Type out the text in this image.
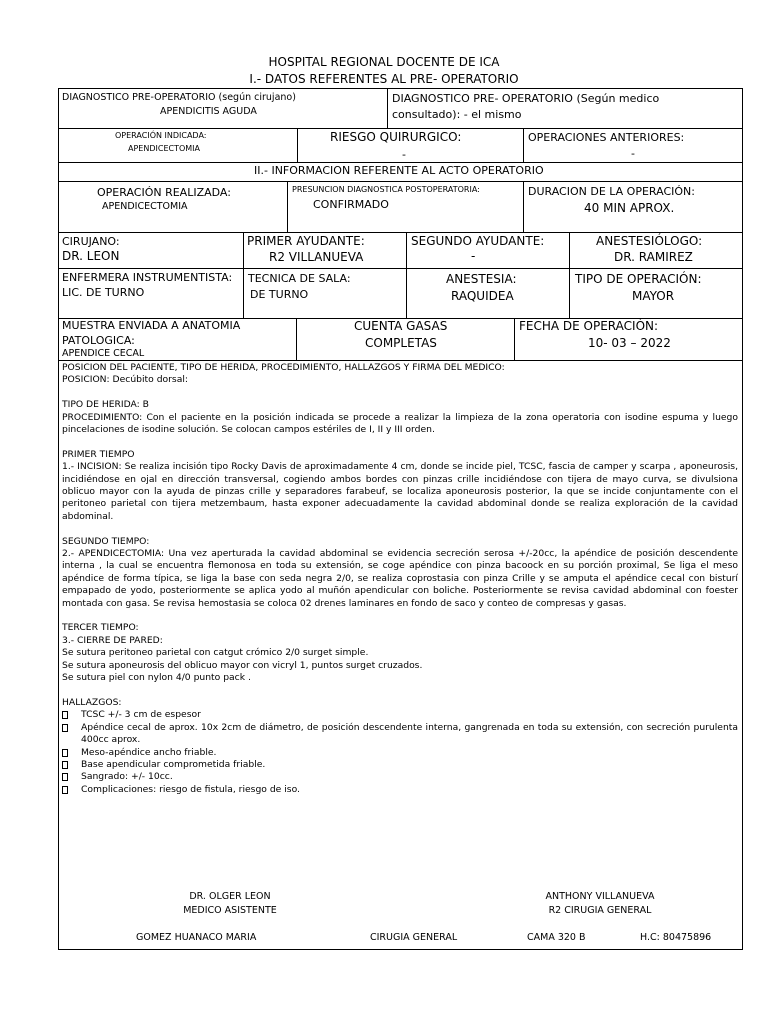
HOSPITAL REGIONAL DOCENTE DE ICA
I.- DATOS REFERENTES AL PRE- OPERATORIO
DIAGNOSTICO PRE-OPERATORIO (según cirujano)
APENDICITIS AGUDA
DIAGNOSTICO PRE- OPERATORIO (Según medico
consultado): - el mismo
OPERACIÓN INDICADA:
APENDICECTOMIA
RIESGO QUIRURGICO:
-
OPERACIONES ANTERIORES:
-
II.- INFORMACION REFERENTE AL ACTO OPERATORIO
OPERACIÓN REALIZADA:
APENDICECTOMIA
PRESUNCION DIAGNOSTICA POSTOPERATORIA:
CONFIRMADO
DURACION DE LA OPERACIÓN:
40 MIN APROX.
CIRUJANO:
DR. LEON
PRIMER AYUDANTE:
R2 VILLANUEVA
SEGUNDO AYUDANTE:
-
ANESTESIÓLOGO:
DR. RAMIREZ
ENFERMERA INSTRUMENTISTA:
LIC. DE TURNO
TECNICA DE SALA:
DE TURNO
ANESTESIA:
RAQUIDEA
TIPO DE OPERACIÓN:
MAYOR
MUESTRA ENVIADA A ANATOMIA
PATOLOGICA:
APENDICE CECAL
CUENTA GASAS
COMPLETAS
FECHA DE OPERACIÓN:
10- 03 – 2022

POSICION DEL PACIENTE, TIPO DE HERIDA, PROCEDIMIENTO, HALLAZGOS Y FIRMA DEL MEDICO:

POSICION: Decúbito dorsal:

TIPO DE HERIDA: B

PROCEDIMIENTO: Con el paciente en la posición indicada se procede a realizar la limpieza de la zona operatoria con isodine espuma y luego pincelaciones de isodine solución. Se colocan campos estériles de I, II y III orden.

PRIMER TIEMPO

1.- INCISION: Se realiza incisión tipo Rocky Davis de aproximadamente 4 cm, donde se incide piel, TCSC, fascia de camper y scarpa , aponeurosis, incidiéndose en ojal en dirección transversal, cogiendo ambos bordes con pinzas crille incidiéndose con tijera de mayo curva, se divulsiona oblicuo mayor con la ayuda de pinzas crille y separadores farabeuf, se localiza aponeurosis posterior, la que se incide conjuntamente con el peritoneo parietal con tijera metzembaum, hasta exponer adecuadamente la cavidad abdominal donde se realiza exploración de la cavidad abdominal.

SEGUNDO TIEMPO:

2.- APENDICECTOMIA: Una vez aperturada la cavidad abdominal se evidencia secreción serosa +/-20cc, la apéndice de posición descendente interna , la cual se encuentra flemonosa en toda su extensión, se coge apéndice con pinza bacoock en su porción proximal, Se liga el meso apéndice de forma típica, se liga la base con seda negra 2/0, se realiza coprostasia con pinza Crille y se amputa el apéndice cecal con bisturí empapado de yodo, posteriormente se aplica yodo al muñón apendicular con boliche. Posteriormente se revisa cavidad abdominal con foester montada con gasa. Se revisa hemostasia se coloca 02 drenes laminares en fondo de saco y conteo de compresas y gasas.

TERCER TIEMPO:

3.- CIERRE DE PARED:

Se sutura peritoneo parietal con catgut crómico 2/0 surget simple.

Se sutura aponeurosis del oblicuo mayor con vicryl 1, puntos surget cruzados.

Se sutura piel con nylon 4/0 punto pack .

HALLAZGOS:

TCSC +/- 3 cm de espesor
Apéndice cecal de aprox. 10x 2cm de diámetro, de posición descendente interna, gangrenada en toda su extensión, con secreción purulenta 400cc aprox.
Meso-apéndice ancho friable.
Base apendicular comprometida friable.
Sangrado: +/- 10cc.
Complicaciones: riesgo de fistula, riesgo de iso.
DR. OLGER LEON
MEDICO ASISTENTE
ANTHONY VILLANUEVA
R2 CIRUGIA GENERAL
GOMEZ HUANACO MARIA	CIRUGIA GENERAL	CAMA 320 B	H.C: 80475896
